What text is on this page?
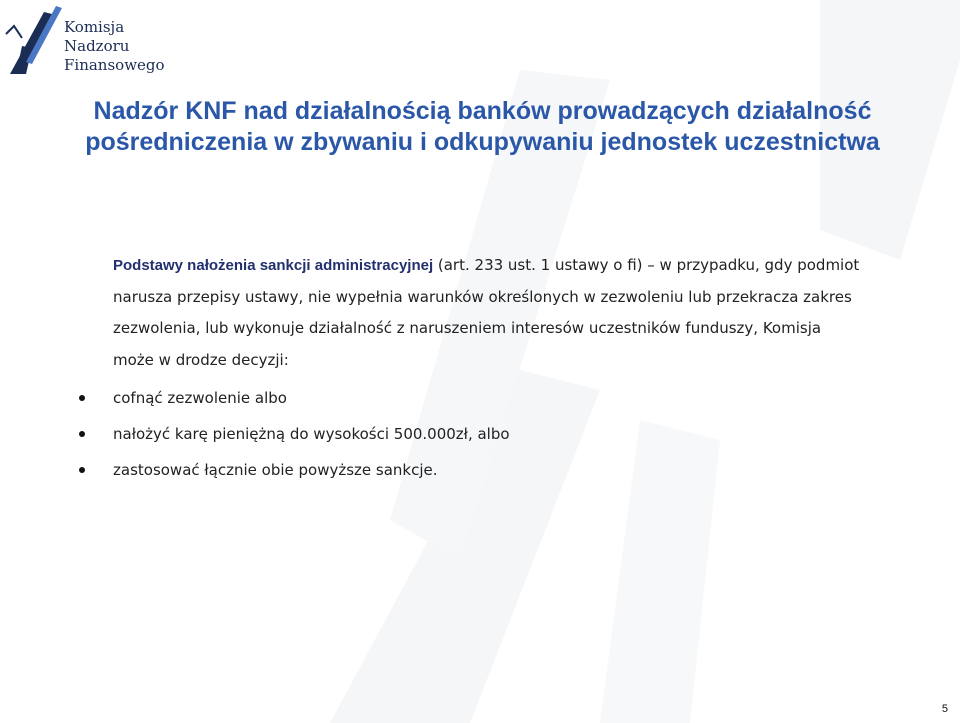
Komisja
Nadzoru
Finansowego
Nadzór KNF nad działalnością banków prowadzących działalność pośredniczenia w zbywaniu i odkupywaniu jednostek uczestnictwa
Podstawy nałożenia sankcji administracyjnej (art. 233 ust. 1 ustawy o fi) – w przypadku, gdy podmiot narusza przepisy ustawy, nie wypełnia warunków określonych w zezwoleniu lub przekracza zakres zezwolenia, lub wykonuje działalność z naruszeniem interesów uczestników funduszy, Komisja może w drodze decyzji:
cofnąć zezwolenie albo
nałożyć karę pieniężną do wysokości 500.000zł, albo
zastosować łącznie obie powyższe sankcje.
5
